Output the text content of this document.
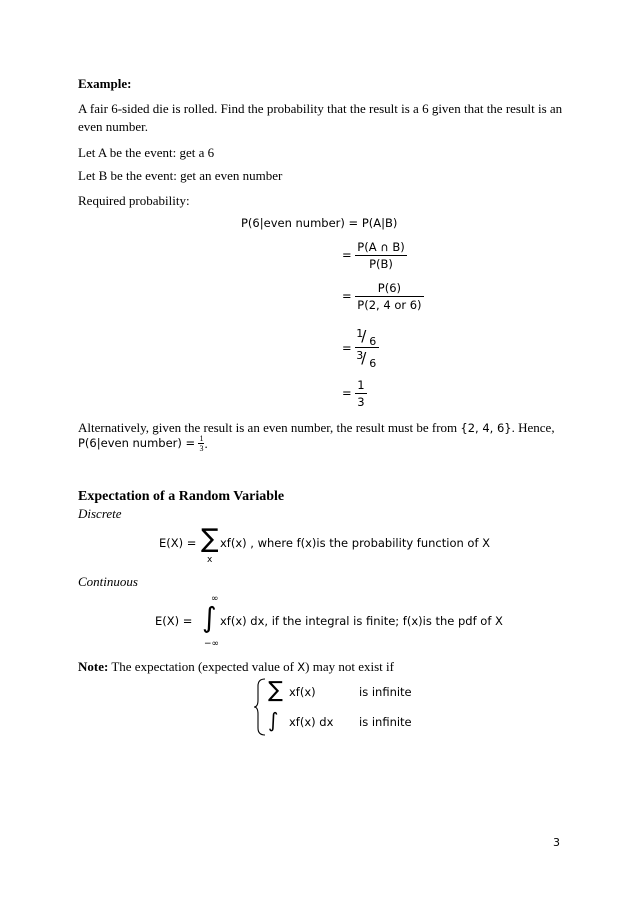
Example:
A fair 6-sided die is rolled. Find the probability that the result is a 6 given that the result is an
even number.
Let A be the event: get a 6
Let B be the event: get an even number
Required probability:
P(6|even number) = P(A|B)
= $\frac{P(A \cap B)}{P(B)}$
= $\frac{P(6)}{P(2, 4 or 6)}$
=
1
/ 6
3
/ 6
= $\frac{1}{3}$
Alternatively, given the result is an even number, the result must be from {2, 4, 6}. Hence,
P(6|even number) = $\frac{1}{3}$ .
Expectation of a Random Variable
Discrete
E(X) = ∑
x
xf(x) , where f(x)is the probability function of X
Continuous
∞
E(X) = ∫
−∞
xf(x) dx, if the integral is finite; f(x)is the pdf of X
Note: The expectation (expected value of X) may not exist if
∑ xf(x)	is infinite
∫ xf(x) dx is infinite
3
